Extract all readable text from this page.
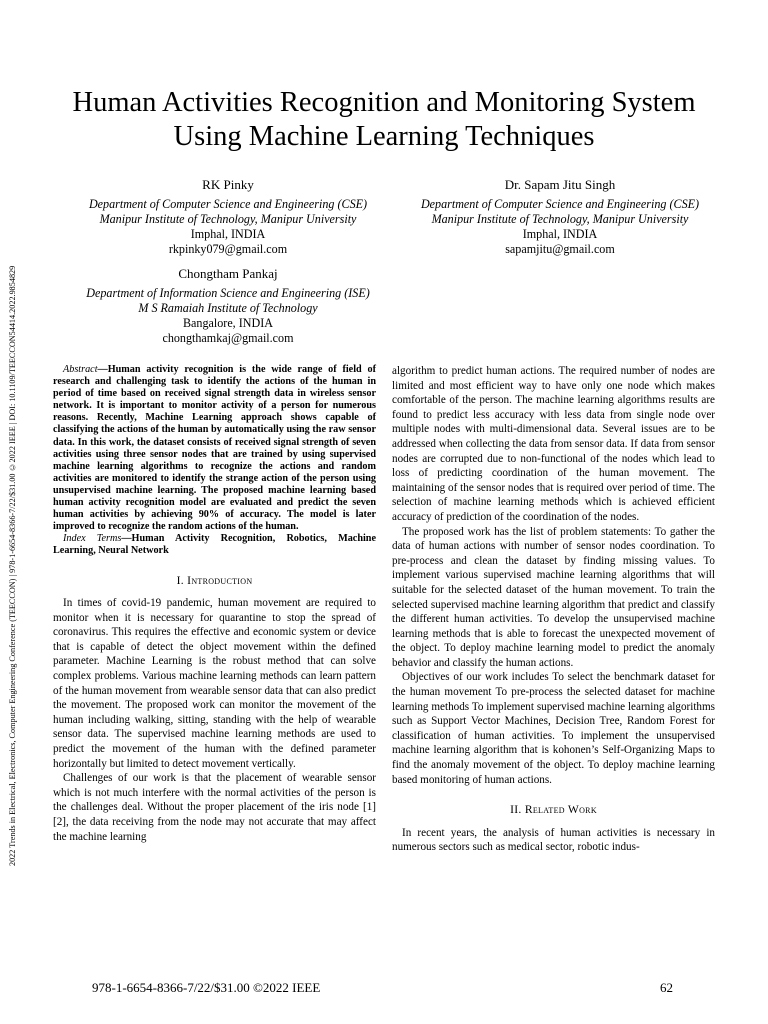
2022 Trends in Electrical, Electronics, Computer Engineering Conference (TEECCON) | 978-1-6654-8366-7/22/$31.00 ©2022 IEEE | DOI: 10.1109/TEECCON54414.2022.9854829
Human Activities Recognition and Monitoring System Using Machine Learning Techniques
RK Pinky
Department of Computer Science and Engineering (CSE)
Manipur Institute of Technology, Manipur University
Imphal, INDIA
rkpinky079@gmail.com
Dr. Sapam Jitu Singh
Department of Computer Science and Engineering (CSE)
Manipur Institute of Technology, Manipur University
Imphal, INDIA
sapamjitu@gmail.com
Chongtham Pankaj
Department of Information Science and Engineering (ISE)
M S Ramaiah Institute of Technology
Bangalore, INDIA
chongthamkaj@gmail.com

Abstract—Human activity recognition is the wide range of field of research and challenging task to identify the actions of the human in period of time based on received signal strength data in wireless sensor network. It is important to monitor activity of a person for numerous reasons. Recently, Machine Learning approach shows capable of classifying the actions of the human by automatically using the raw sensor data. In this work, the dataset consists of received signal strength of seven activities using three sensor nodes that are trained by using supervised machine learning algorithms to recognize the actions and random activities are monitored to identify the strange action of the person using unsupervised machine learning. The proposed machine learning based human activity recognition model are evaluated and predict the seven human activities by achieving 90% of accuracy. The model is later improved to recognize the random actions of the human.

Index Terms—Human Activity Recognition, Robotics, Machine Learning, Neural Network

I. Introduction

In times of covid-19 pandemic, human movement are required to monitor when it is necessary for quarantine to stop the spread of coronavirus. This requires the effective and economic system or device that is capable of detect the object movement within the defined parameter. Machine Learning is the robust method that can solve complex problems. Various machine learning methods can learn pattern of the human movement from wearable sensor data that can also predict the movement. The proposed work can monitor the movement of the human including walking, sitting, standing with the help of wearable sensor data. The supervised machine learning methods are used to predict the movement of the human with the defined parameter horizontally but limited to detect movement vertically.

Challenges of our work is that the placement of wearable sensor which is not much interfere with the normal activities of the person is the challenges deal. Without the proper placement of the iris node [1][2], the data receiving from the node may not accurate that may affect the machine learning

algorithm to predict human actions. The required number of nodes are limited and most efficient way to have only one node which makes comfortable of the person. The machine learning algorithms results are found to predict less accuracy with less data from single node over multiple nodes with multi-dimensional data. Several issues are to be addressed when collecting the data from sensor data. If data from sensor nodes are corrupted due to non-functional of the nodes which lead to loss of predicting coordination of the human movement. The maintaining of the sensor nodes that is required over period of time. The selection of machine learning methods which is achieved efficient accuracy of prediction of the coordination of the nodes.

The proposed work has the list of problem statements: To gather the data of human actions with number of sensor nodes coordination. To pre-process and clean the dataset by finding missing values. To implement various supervised machine learning algorithms that will suitable for the selected dataset of the human movement. To train the selected supervised machine learning algorithm that predict and classify the different human activities. To develop the unsupervised machine learning methods that is able to forecast the unexpected movement of the object. To deploy machine learning model to predict the anomaly behavior and classify the human actions.

Objectives of our work includes To select the benchmark dataset for the human movement To pre-process the selected dataset for machine learning methods To implement supervised machine learning algorithms such as Support Vector Machines, Decision Tree, Random Forest for classification of human activities. To implement the unsupervised machine learning algorithm that is kohonen’s Self-Organizing Maps to find the anomaly movement of the object. To deploy machine learning based monitoring of human actions.

II. Related Work

In recent years, the analysis of human activities is necessary in numerous sectors such as medical sector, robotic indus-

978-1-6654-8366-7/22/$31.00 ©2022 IEEE	62
